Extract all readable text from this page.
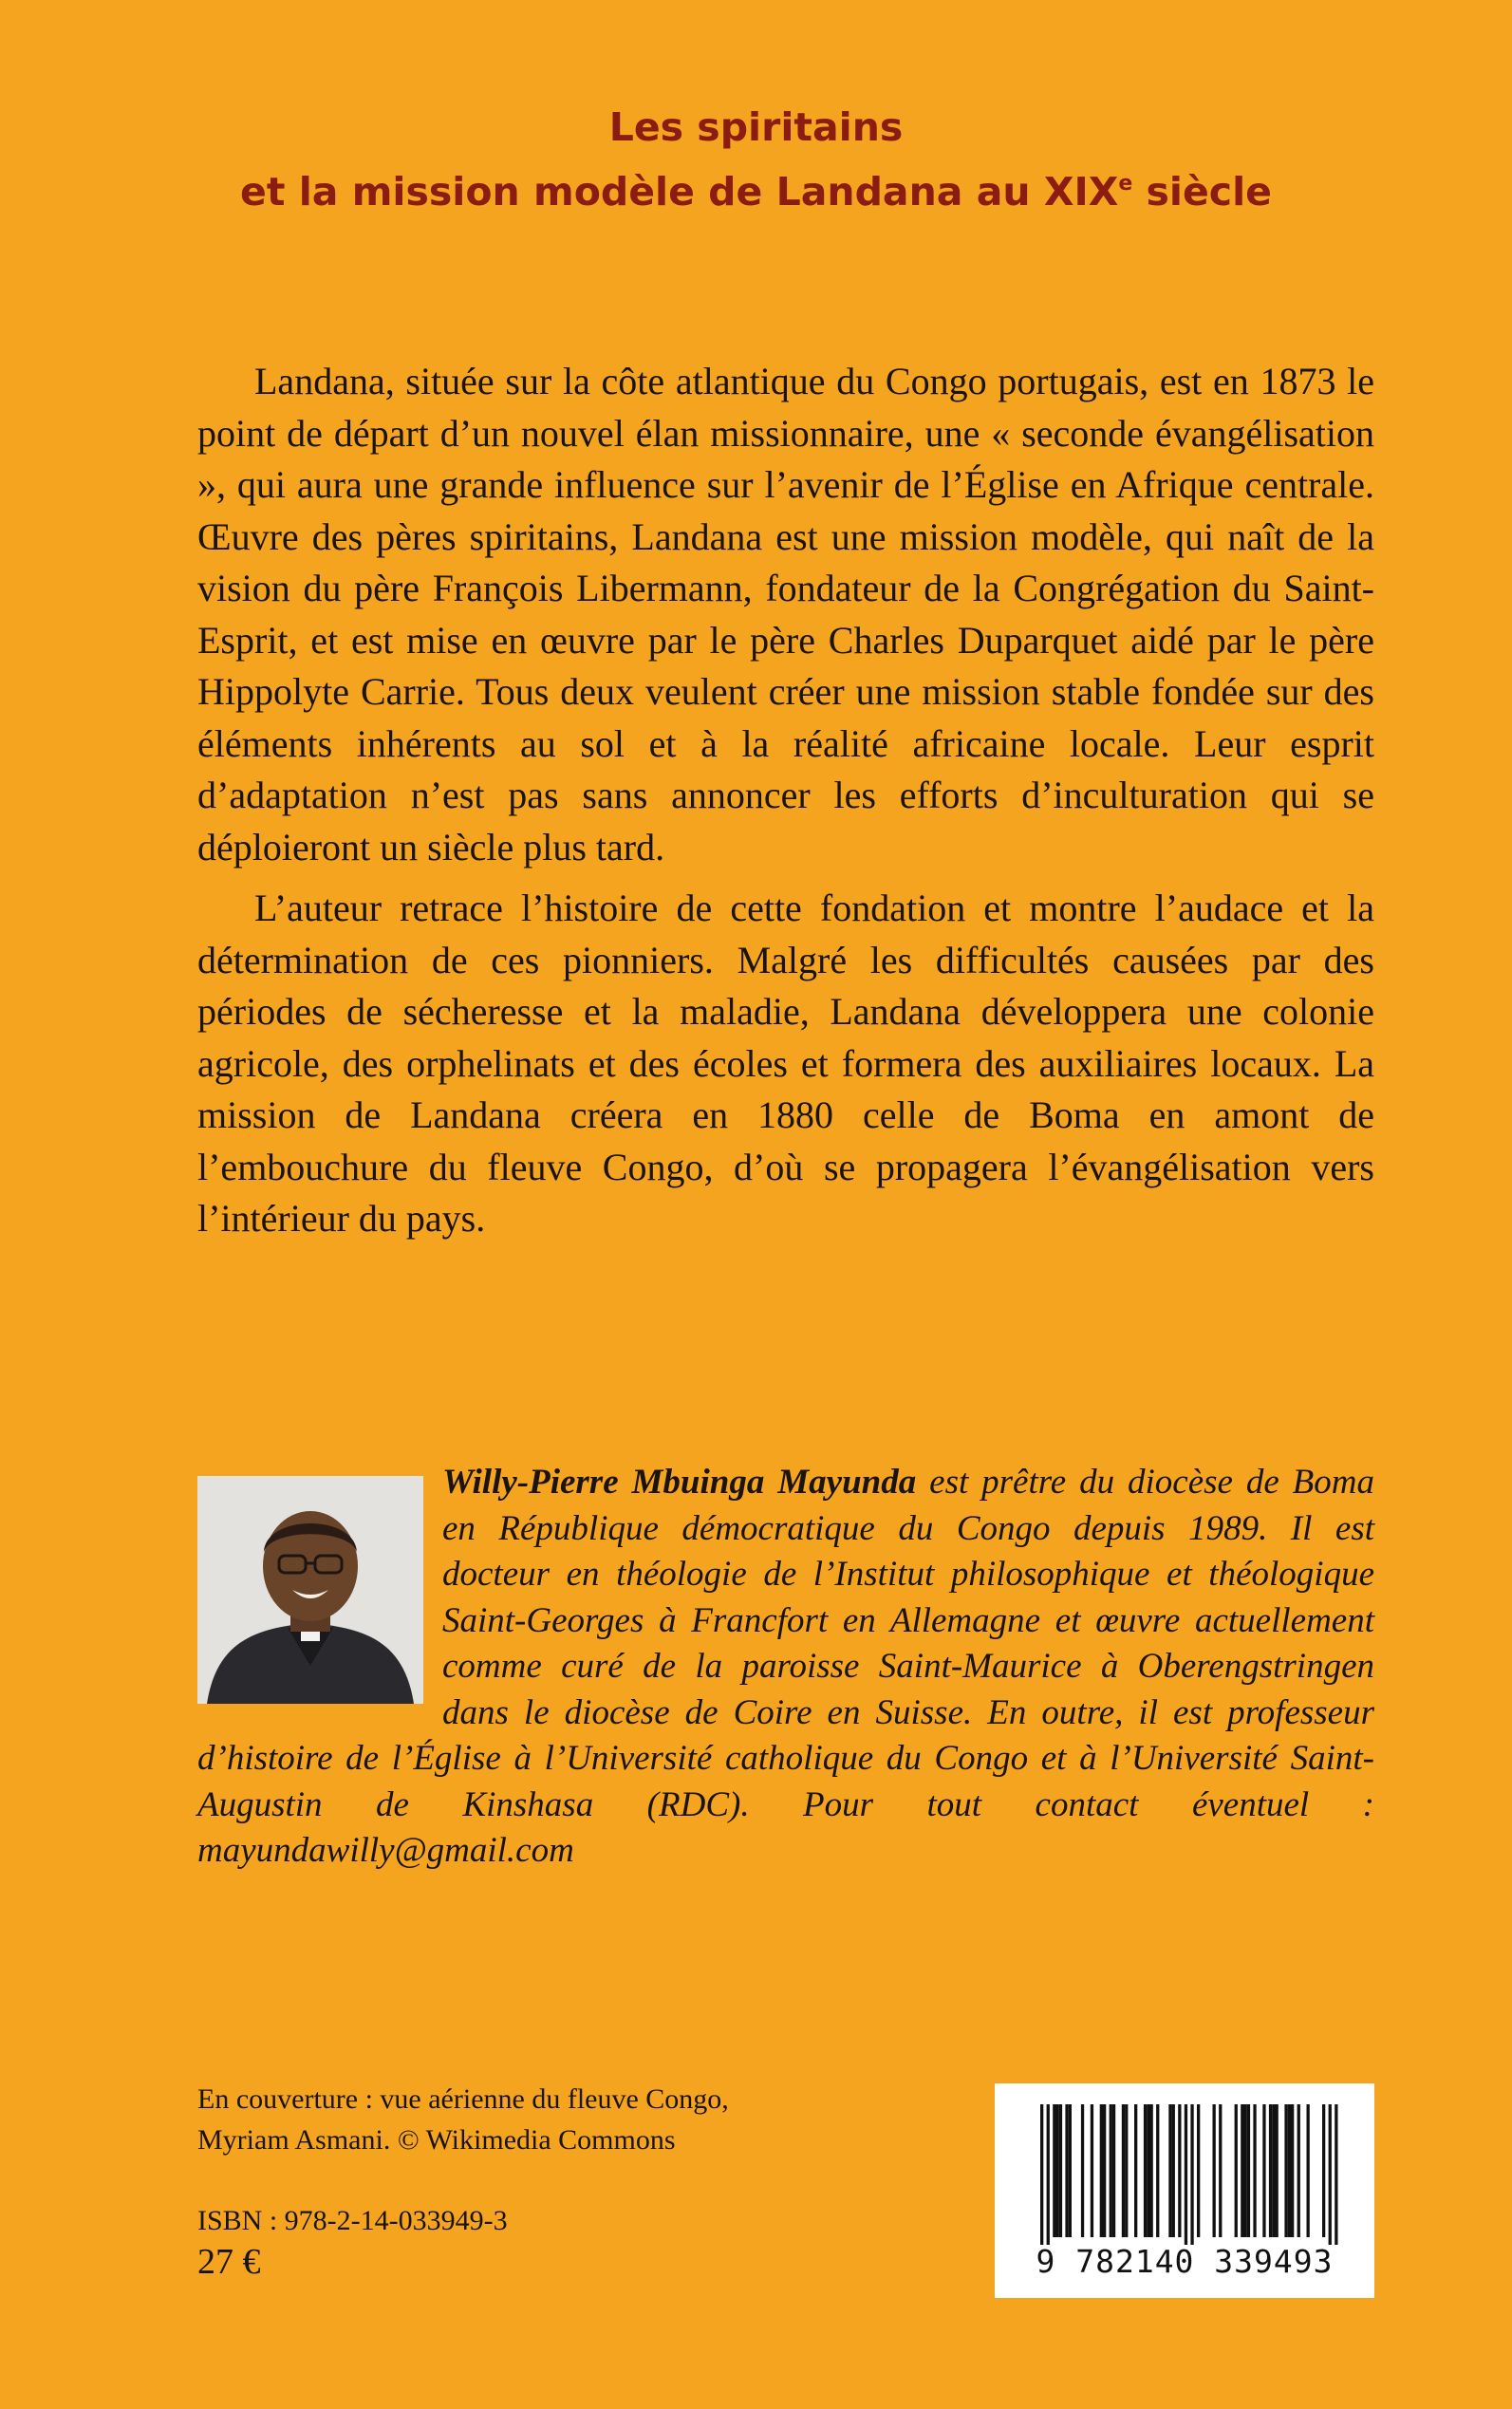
Les spiritains
et la mission modèle de Landana au XIXe siècle

Landana, située sur la côte atlantique du Congo portugais, est en 1873 le point de départ d’un nouvel élan missionnaire, une « seconde évangélisation », qui aura une grande influence sur l’avenir de l’Église en Afrique centrale. Œuvre des pères spiritains, Landana est une mission modèle, qui naît de la vision du père François Libermann, fondateur de la Congrégation du Saint-Esprit, et est mise en œuvre par le père Charles Duparquet aidé par le père Hippolyte Carrie. Tous deux veulent créer une mission stable fondée sur des éléments inhérents au sol et à la réalité africaine locale. Leur esprit d’adaptation n’est pas sans annoncer les efforts d’inculturation qui se déploieront un siècle plus tard.

L’auteur retrace l’histoire de cette fondation et montre l’audace et la détermination de ces pionniers. Malgré les difficultés causées par des périodes de sécheresse et la maladie, Landana développera une colonie agricole, des orphelinats et des écoles et formera des auxiliaires locaux. La mission de Landana créera en 1880 celle de Boma en amont de l’embouchure du fleuve Congo, d’où se propagera l’évangélisation vers l’intérieur du pays.

Willy-Pierre Mbuinga Mayunda est prêtre du diocèse de Boma en République démocratique du Congo depuis 1989. Il est docteur en théologie de l’Institut philosophique et théologique Saint-Georges à Francfort en Allemagne et œuvre actuellement comme curé de la paroisse Saint-Maurice à Oberengstringen dans le diocèse de Coire en Suisse. En outre, il est professeur d’histoire de l’Église à l’Université catholique du Congo et à l’Université Saint-Augustin de Kinshasa (RDC). Pour tout contact éventuel : mayundawilly@gmail.com
En couverture : vue aérienne du fleuve Congo,
Myriam Asmani. © Wikimedia Commons
ISBN : 978-2-14-033949-3
27 €	9 782140 339493
